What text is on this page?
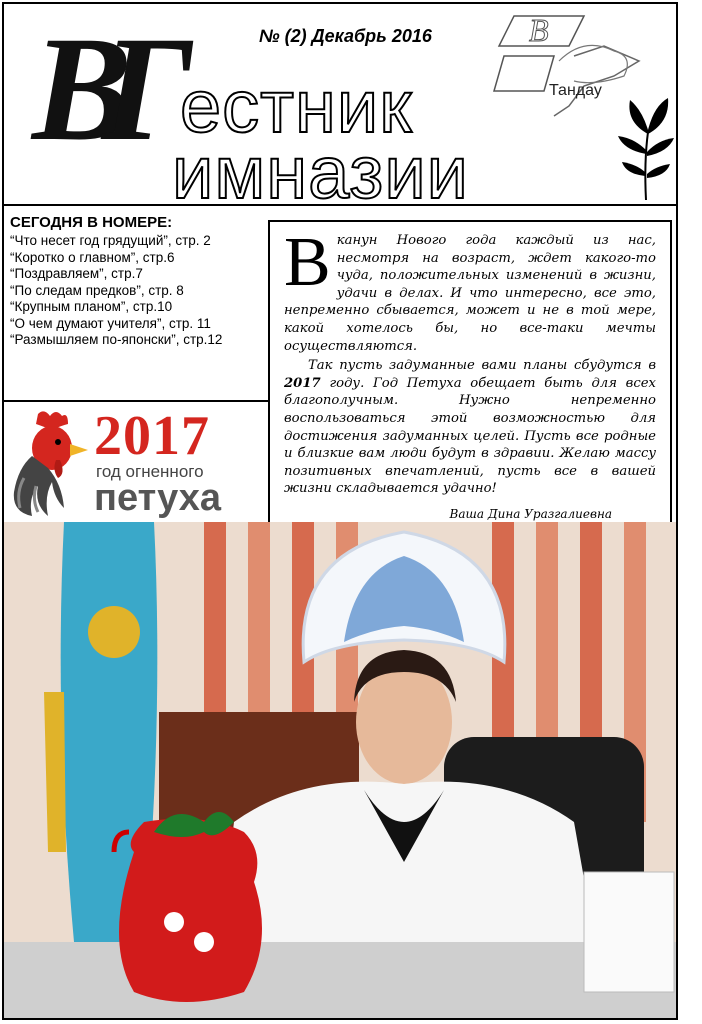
ВГ	№ (2) Декабрь 2016
естник
имназии
В
Тандау
СЕГОДНЯ В НОМЕРЕ:
“Что несет год грядущий”, стр. 2
“Коротко о главном”, стр.6
“Поздравляем”, стр.7
“По следам предков”, стр. 8
“Крупным планом”, стр.10
“О чем думают учителя”, стр. 11
“Размышляем по-японски”, стр.12
2017
год огненного
петуха
В канун Нового года каждый из нас, несмотря на возраст, ждет какого-то чуда, положительных изменений в жизни, удачи в делах. И что интересно, все это, непременно сбывается, может и не в той мере, какой хотелось бы, но все-таки мечты осуществляются.

Так пусть задуманные вами планы сбудутся в 2017 году. Год Петуха обещает быть для всех благополучным. Нужно непременно воспользоваться этой возможностью для достижения задуманных целей. Пусть все родные и близкие вам люди будут в здравии. Желаю массу позитивных впечатлений, пусть все в вашей жизни складывается удачно!

Ваша Дина Уразгалиевна
